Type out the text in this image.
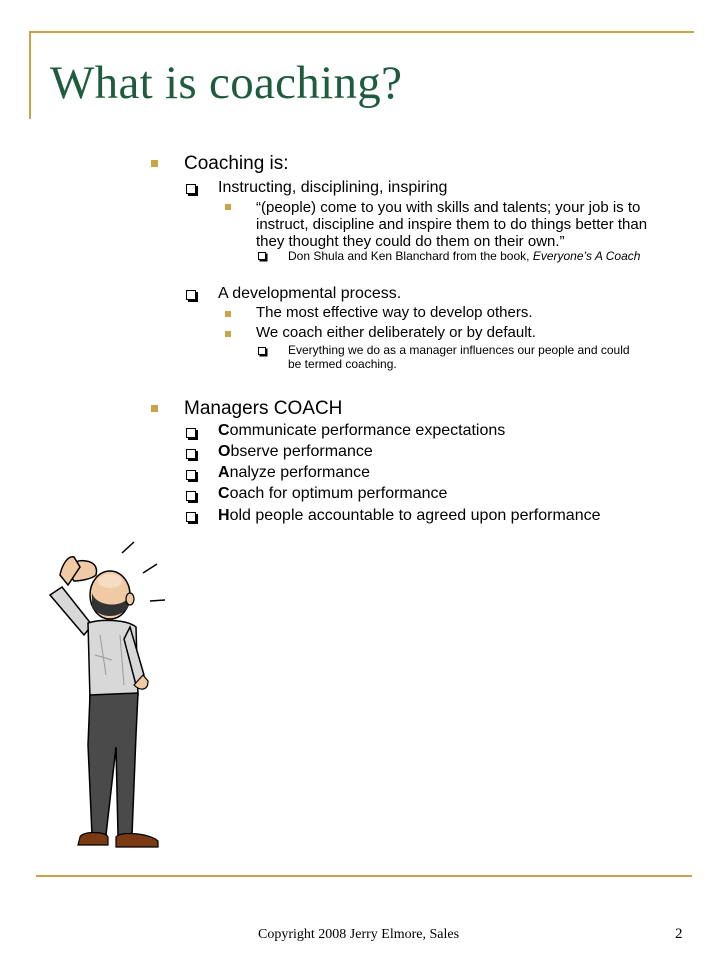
What is coaching?
Coaching is:
Instructing, disciplining, inspiring
“(people) come to you with skills and talents; your job is to
instruct, discipline and inspire them to do things better than
they thought they could do them on their own.”
Don Shula and Ken Blanchard from the book, Everyone’s A Coach
A developmental process.
The most effective way to develop others.
We coach either deliberately or by default.
Everything we do as a manager influences our people and could
be termed coaching.
Managers COACH
Communicate performance expectations
Observe performance
Analyze performance
Coach for optimum performance
Hold people accountable to agreed upon performance
Copyright 2008 Jerry Elmore, Sales	2
